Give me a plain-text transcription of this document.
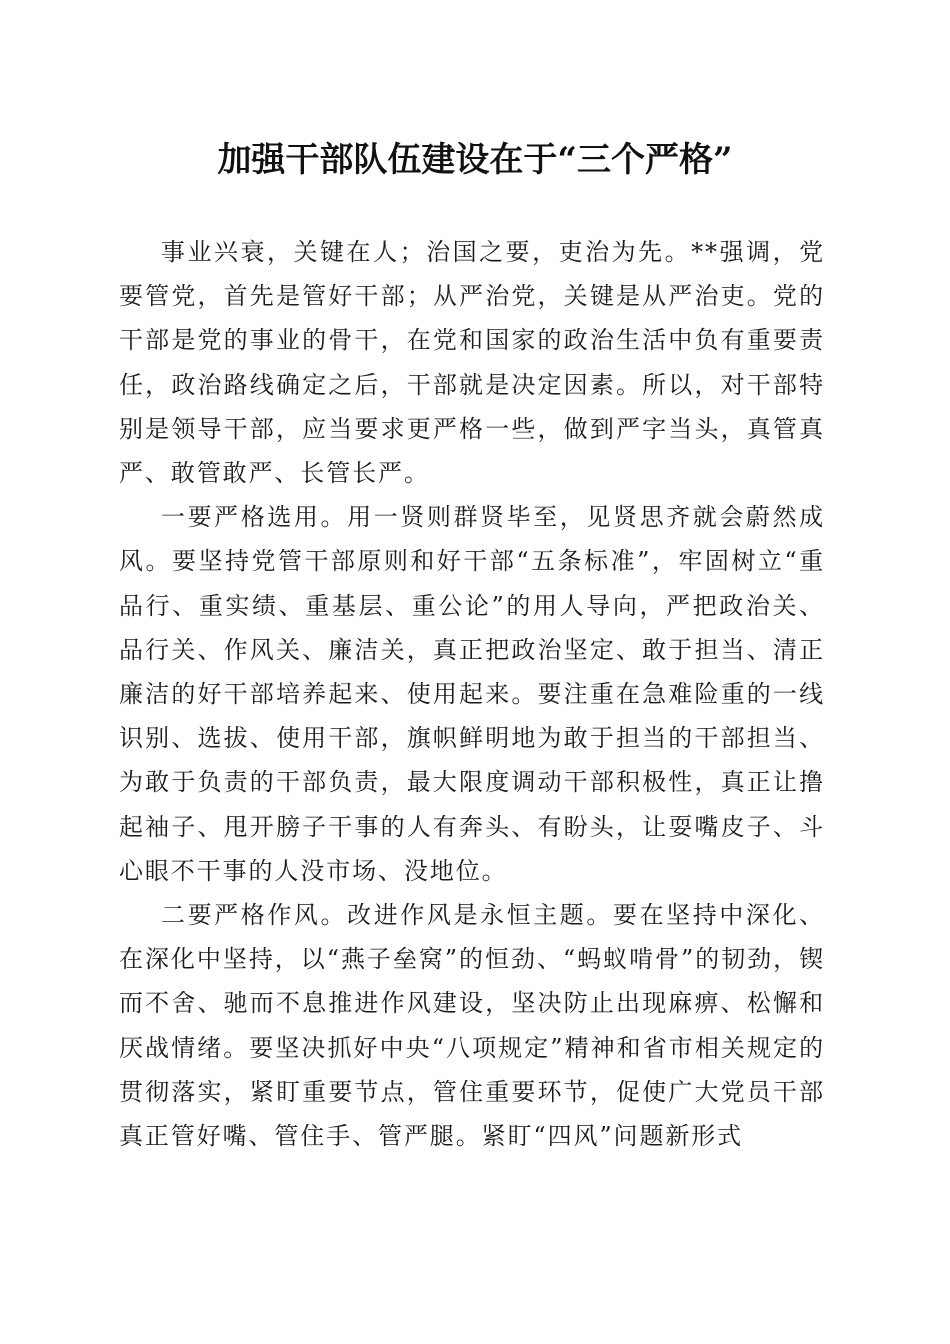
加强干部队伍建设在于“三个严格”

事业兴衰，关键在人；治国之要，吏治为先。**强调，党要管党，首先是管好干部；从严治党，关键是从严治吏。党的干部是党的事业的骨干，在党和国家的政治生活中负有重要责任，政治路线确定之后，干部就是决定因素。所以，对干部特别是领导干部，应当要求更严格一些，做到严字当头，真管真严、敢管敢严、长管长严。

一要严格选用。用一贤则群贤毕至，见贤思齐就会蔚然成风。要坚持党管干部原则和好干部“五条标准”，牢固树立“重品行、重实绩、重基层、重公论”的用人导向，严把政治关、品行关、作风关、廉洁关，真正把政治坚定、敢于担当、清正廉洁的好干部培养起来、使用起来。要注重在急难险重的一线识别、选拔、使用干部，旗帜鲜明地为敢于担当的干部担当、为敢于负责的干部负责，最大限度调动干部积极性，真正让撸起袖子、甩开膀子干事的人有奔头、有盼头，让耍嘴皮子、斗心眼不干事的人没市场、没地位。

二要严格作风。改进作风是永恒主题。要在坚持中深化、在深化中坚持，以“燕子垒窝”的恒劲、“蚂蚁啃骨”的韧劲，锲而不舍、驰而不息推进作风建设，坚决防止出现麻痹、松懈和厌战情绪。要坚决抓好中央“八项规定”精神和省市相关规定的贯彻落实，紧盯重要节点，管住重要环节，促使广大党员干部真正管好嘴、管住手、管严腿。紧盯“四风”问题新形式
